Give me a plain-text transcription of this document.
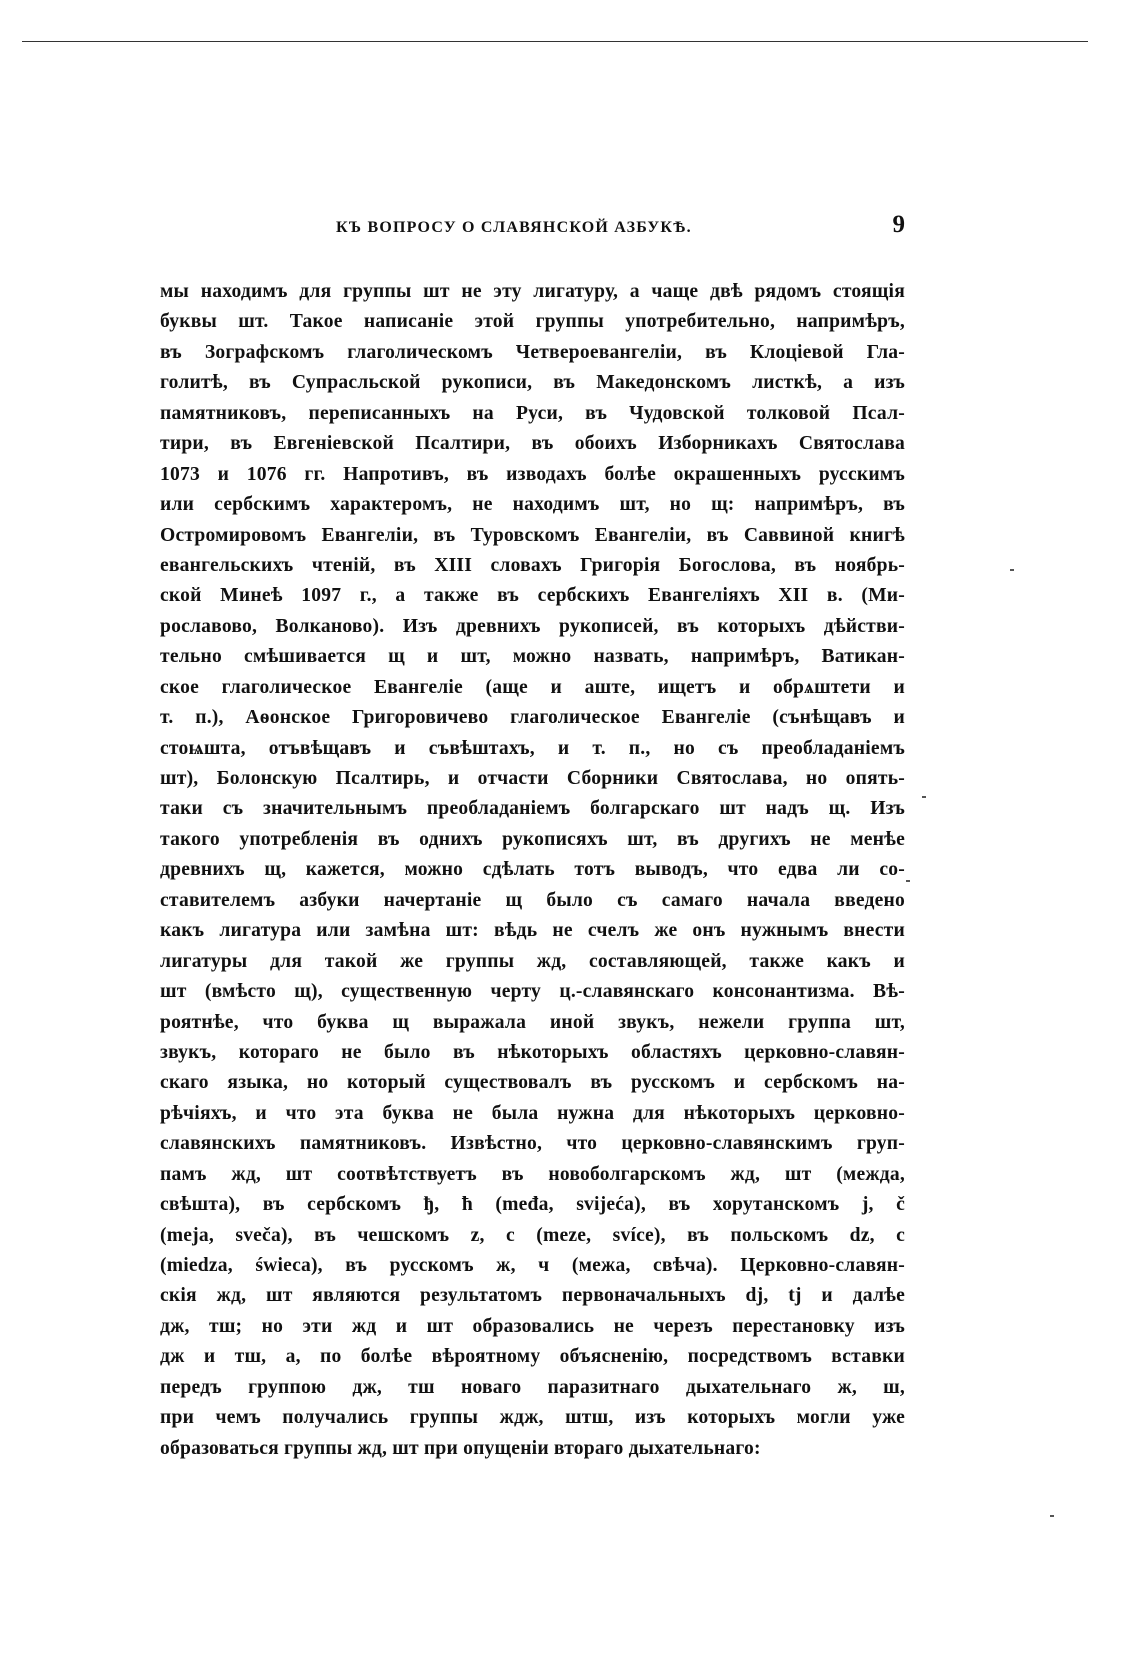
КЪ ВОПРОСУ О СЛАВЯНСКОЙ АЗБУКѢ.	9
мы находимъ для группы шт не эту лигатуру, а чаще двѣ рядомъ стоящія
буквы шт. Такое написаніе этой группы употребительно, напримѣръ,
въ Зографскомъ глаголическомъ Четвероевангеліи, въ Клоціевой Гла-
голитѣ, въ Супрасльской рукописи, въ Македонскомъ листкѣ, а изъ
памятниковъ, переписанныхъ на Руси, въ Чудовской толковой Псал-
тири, въ Евгеніевской Псалтири, въ обоихъ Изборникахъ Святослава
1073 и 1076 гг. Напротивъ, въ изводахъ болѣе окрашенныхъ русскимъ
или сербскимъ характеромъ, не находимъ шт, но щ: напримѣръ, въ
Остромировомъ Евангеліи, въ Туровскомъ Евангеліи, въ Саввиной книгѣ
евангельскихъ чтеній, въ XIII словахъ Григорія Богослова, въ ноябрь-
ской Минеѣ 1097 г., а также въ сербскихъ Евангеліяхъ XII в. (Ми-
рославово, Волканово). Изъ древнихъ рукописей, въ которыхъ дѣйстви-
тельно смѣшивается щ и шт, можно назвать, напримѣръ, Ватикан-
ское глаголическое Евангеліе (аще и аште, ищетъ и обрѧштети и
т. п.), Аѳонское Григоровичево глаголическое Евангеліе (сънѣщавъ и
стоѩшта, отъвѣщавъ и съвѣштахъ, и т. п., но съ преобладаніемъ
шт), Болонскую Псалтирь, и отчасти Сборники Святослава, но опять-
таки съ значительнымъ преобладаніемъ болгарскаго шт надъ щ. Изъ
такого употребленія въ однихъ рукописяхъ шт, въ другихъ не менѣе
древнихъ щ, кажется, можно сдѣлать тотъ выводъ, что едва ли со-
ставителемъ азбуки начертаніе щ было съ самаго начала введено
какъ лигатура или замѣна шт: вѣдь не счелъ же онъ нужнымъ внести
лигатуры для такой же группы жд, составляющей, также какъ и
шт (вмѣсто щ), существенную черту ц.-славянскаго консонантизма. Вѣ-
роятнѣе, что буква щ выражала иной звукъ, нежели группа шт,
звукъ, котораго не было въ нѣкоторыхъ областяхъ церковно-славян-
скаго языка, но который существовалъ въ русскомъ и сербскомъ на-
рѣчіяхъ, и что эта буква не была нужна для нѣкоторыхъ церковно-
славянскихъ памятниковъ. Извѣстно, что церковно-славянскимъ груп-
памъ жд, шт соотвѣтствуетъ въ новоболгарскомъ жд, шт (межда,
свѣшта), въ сербскомъ ђ, ћ (međa, svijeća), въ хорутанскомъ j, č
(meja, sveča), въ чешскомъ z, c (meze, svíce), въ польскомъ dz, c
(miedza, świeca), въ русскомъ ж, ч (межа, свѣча). Церковно-славян-
скія жд, шт являются результатомъ первоначальныхъ dj, tj и далѣе
дж, тш; но эти жд и шт образовались не черезъ перестановку изъ
дж и тш, а, по болѣе вѣроятному объясненію, посредствомъ вставки
передъ группою дж, тш новаго паразитнаго дыхательнаго ж, ш,
при чемъ получались группы ждж, штш, изъ которыхъ могли уже
образоваться группы жд, шт при опущеніи втораго дыхательнаго:
